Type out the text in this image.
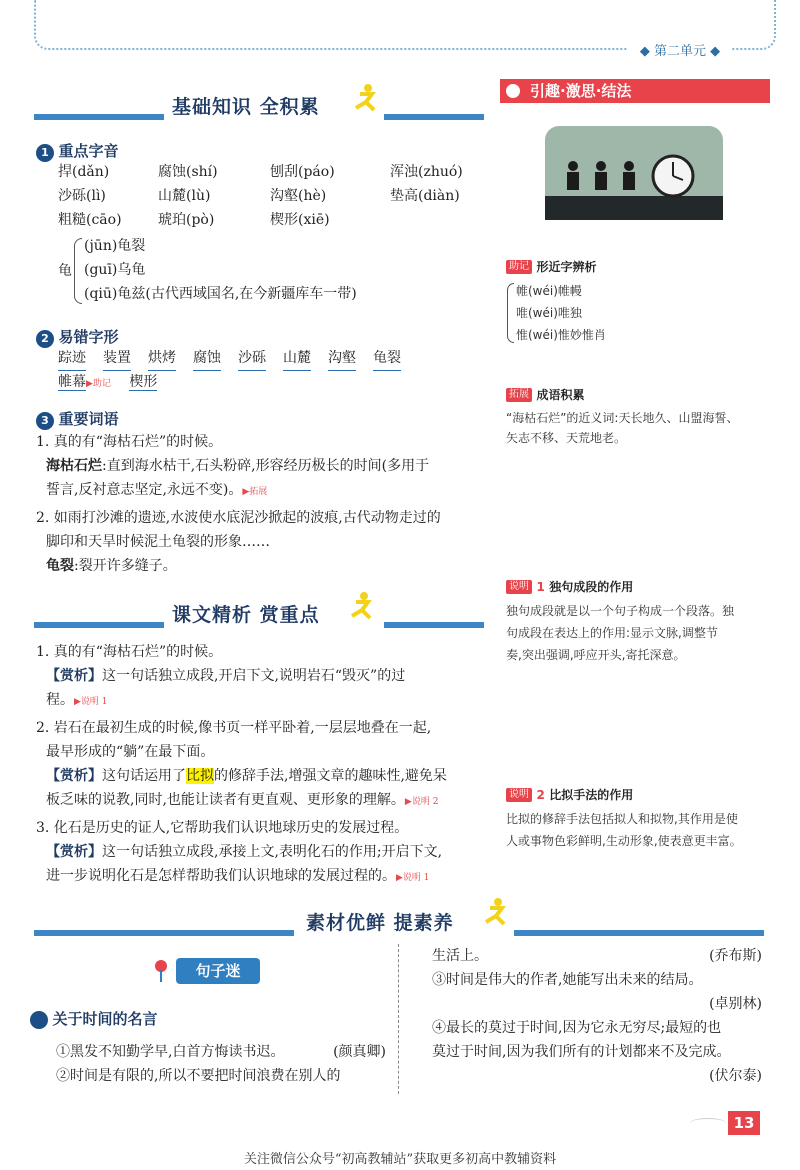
◆ 第二单元 ◆
基础知识 全积累
1 重点字音
捍(dǎn)	腐蚀(shí)	刨刮(páo)	浑浊(zhuó)
沙砾(lì)	山麓(lù)	沟壑(hè)	垫高(diàn)
粗糙(cāo)	琥珀(pò)	楔形(xiē)
龟
(jūn)龟裂
(guī)乌龟
(qiū)龟兹(古代西域国名,在今新疆库车一带)
2 易错字形
踪迹 装置 烘烤 腐蚀 沙砾 山麓 沟壑 龟裂
帷幕▶助记 楔形
3 重要词语
1. 真的有“海枯石烂”的时候。
海枯石烂:直到海水枯干,石头粉碎,形容经历极长的时间(多用于
誓言,反衬意志坚定,永远不变)。▶拓展
2. 如雨打沙滩的遗迹,水波使水底泥沙掀起的波痕,古代动物走过的
脚印和天旱时候泥土龟裂的形象……
龟裂:裂开许多缝子。
课文精析 赏重点
1. 真的有“海枯石烂”的时候。
【赏析】这一句话独立成段,开启下文,说明岩石“毁灭”的过
程。▶说明 1
2. 岩石在最初生成的时候,像书页一样平卧着,一层层地叠在一起,
最早形成的“躺”在最下面。
【赏析】这句话运用了比拟的修辞手法,增强文章的趣味性,避免呆
板乏味的说教,同时,也能让读者有更直观、更形象的理解。▶说明 2
3. 化石是历史的证人,它帮助我们认识地球历史的发展过程。
【赏析】这一句话独立成段,承接上文,表明化石的作用;开启下文,
进一步说明化石是怎样帮助我们认识地球的发展过程的。▶说明 1
引趣·激思·结法
助记 形近字辨析
帷(wéi)帷幔
唯(wéi)唯独
惟(wéi)惟妙惟肖
拓展 成语积累
“海枯石烂”的近义词:天长地久、山盟海誓、
矢志不移、天荒地老。
说明 1 独句成段的作用
独句成段就是以一个句子构成一个段落。独
句成段在表达上的作用:显示文脉,调整节
奏,突出强调,呼应开头,寄托深意。
说明 2 比拟手法的作用
比拟的修辞手法包括拟人和拟物,其作用是使
人或事物色彩鲜明,生动形象,使表意更丰富。
素材优鲜 提素养
句子迷
关于时间的名言
①黑发不知勤学早,白首方悔读书迟。	(颜真卿)
②时间是有限的,所以不要把时间浪费在别人的
生活上。	(乔布斯)
③时间是伟大的作者,她能写出未来的结局。
(卓别林)
④最长的莫过于时间,因为它永无穷尽;最短的也
莫过于时间,因为我们所有的计划都来不及完成。
(伏尔泰)
13
关注微信公众号“初高教辅站”获取更多初高中教辅资料
